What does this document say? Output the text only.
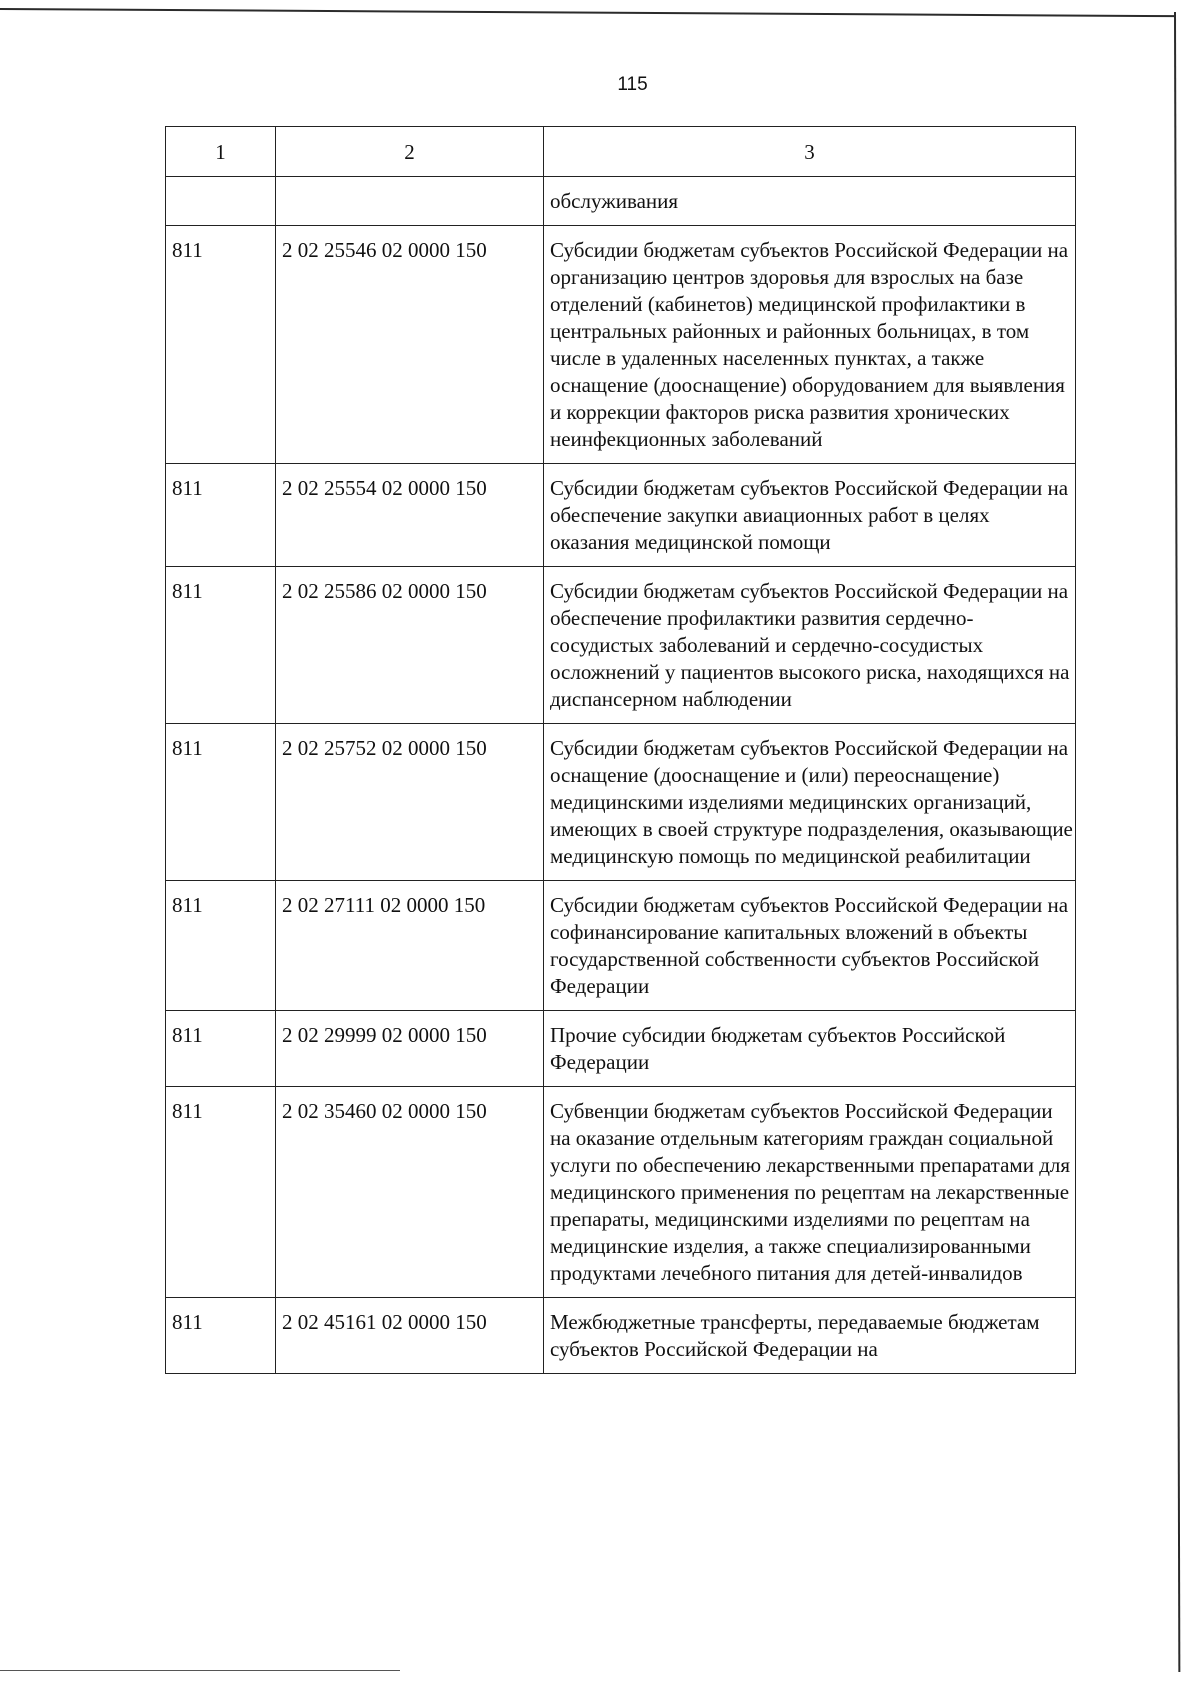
115
1	2	3
		обслуживания
811	2 02 25546 02 0000 150	Субсидии бюджетам субъектов Российской Федерации на организацию центров здоровья для взрослых на базе отделений (кабинетов) медицинской профилактики в центральных районных и районных больницах, в том числе в удаленных населенных пунктах, а также оснащение (дооснащение) оборудованием для выявления и коррекции факторов риска развития хронических неинфекционных заболеваний
811	2 02 25554 02 0000 150	Субсидии бюджетам субъектов Российской Федерации на обеспечение закупки авиационных работ в целях оказания медицинской помощи
811	2 02 25586 02 0000 150	Субсидии бюджетам субъектов Российской Федерации на обеспечение профилактики развития сердечно-сосудистых заболеваний и сердечно-сосудистых осложнений у пациентов высокого риска, находящихся на диспансерном наблюдении
811	2 02 25752 02 0000 150	Субсидии бюджетам субъектов Российской Федерации на оснащение (дооснащение и (или) переоснащение) медицинскими изделиями медицинских организаций, имеющих в своей структуре подразделения, оказывающие медицинскую помощь по медицинской реабилитации
811	2 02 27111 02 0000 150	Субсидии бюджетам субъектов Российской Федерации на софинансирование капитальных вложений в объекты государственной собственности субъектов Российской Федерации
811	2 02 29999 02 0000 150	Прочие субсидии бюджетам субъектов Российской Федерации
811	2 02 35460 02 0000 150	Субвенции бюджетам субъектов Российской Федерации на оказание отдельным категориям граждан социальной услуги по обеспечению лекарственными препаратами для медицинского применения по рецептам на лекарственные препараты, медицинскими изделиями по рецептам на медицинские изделия, а также специализированными продуктами лечебного питания для детей-инвалидов
811	2 02 45161 02 0000 150	Межбюджетные трансферты, передаваемые бюджетам субъектов Российской Федерации на
